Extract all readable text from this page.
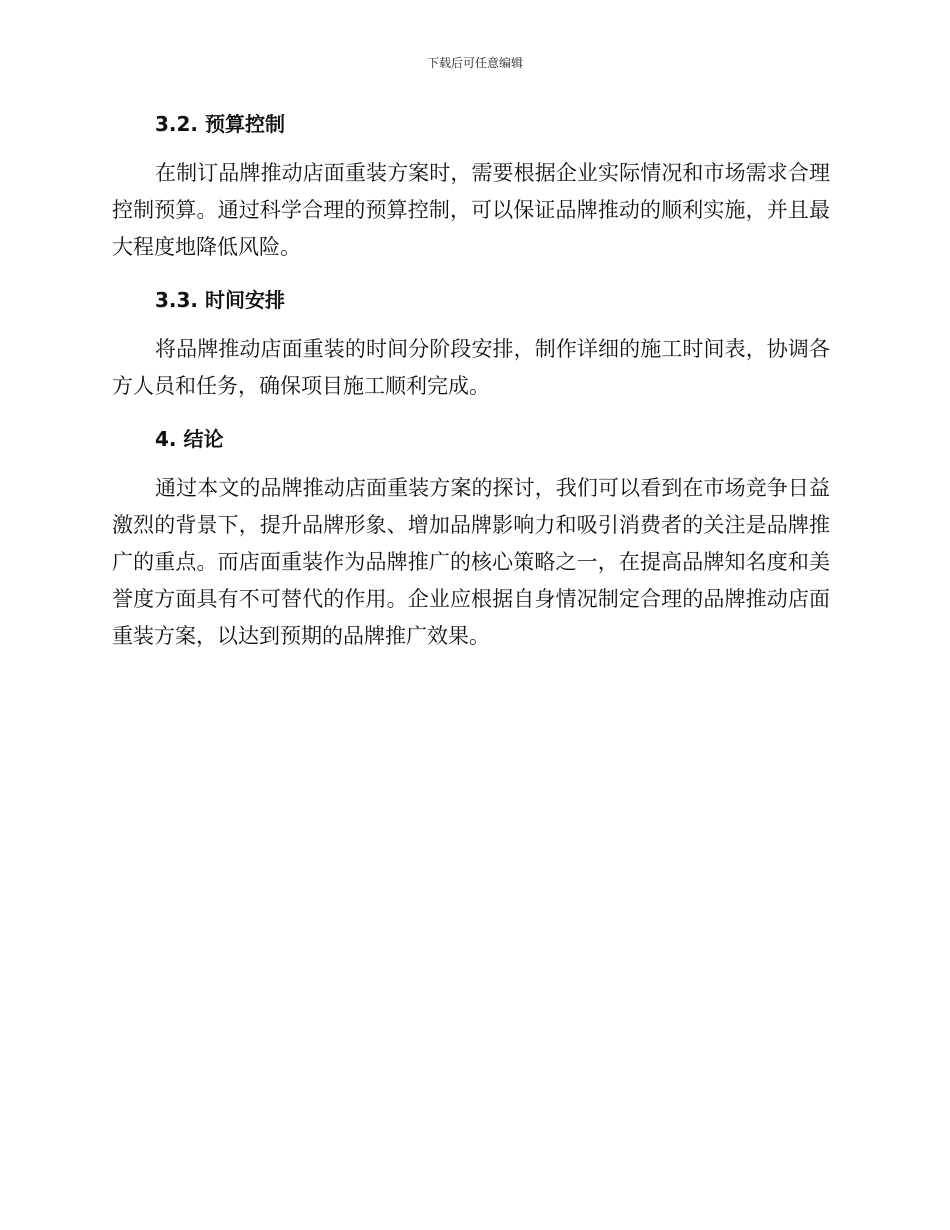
下载后可任意编辑
3.2. 预算控制

在制订品牌推动店面重装方案时，需要根据企业实际情况和市场需求合理控制预算。通过科学合理的预算控制，可以保证品牌推动的顺利实施，并且最大程度地降低风险。

3.3. 时间安排

将品牌推动店面重装的时间分阶段安排，制作详细的施工时间表，协调各方人员和任务，确保项目施工顺利完成。

4. 结论

通过本文的品牌推动店面重装方案的探讨，我们可以看到在市场竞争日益激烈的背景下，提升品牌形象、增加品牌影响力和吸引消费者的关注是品牌推广的重点。而店面重装作为品牌推广的核心策略之一，在提高品牌知名度和美誉度方面具有不可替代的作用。企业应根据自身情况制定合理的品牌推动店面重装方案，以达到预期的品牌推广效果。
